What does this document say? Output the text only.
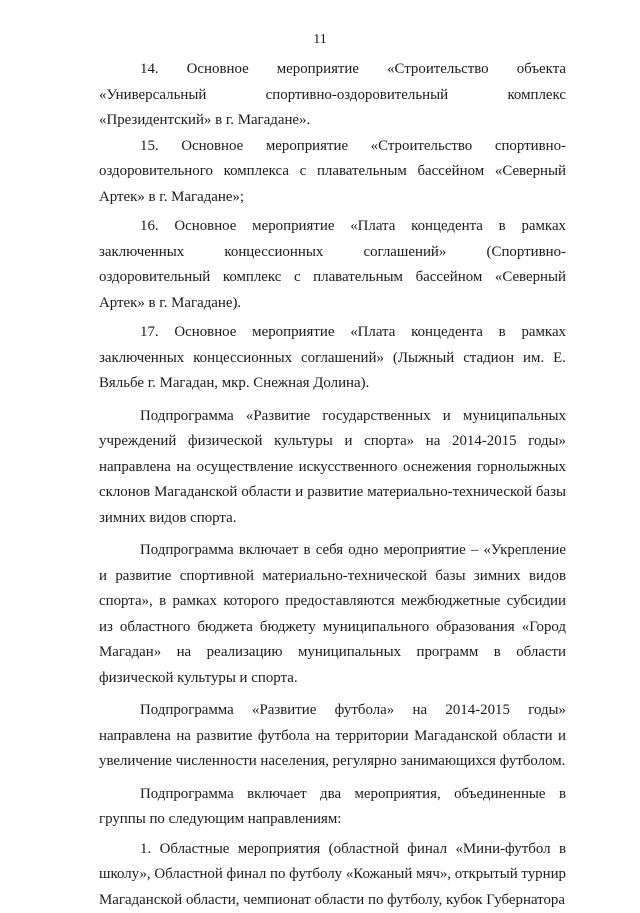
11

14. Основное мероприятие «Строительство объекта «Универсальный спортивно-оздоровительный комплекс «Президентский» в г. Магадане».

15. Основное мероприятие «Строительство спортивно-оздоровительного комплекса с плавательным бассейном «Северный Артек» в г. Магадане»;

16. Основное мероприятие «Плата концедента в рамках заключенных концессионных соглашений» (Спортивно-оздоровительный комплекс с плавательным бассейном «Северный Артек» в г. Магадане).

17. Основное мероприятие «Плата концедента в рамках заключенных концессионных соглашений» (Лыжный стадион им. Е. Вяльбе г. Магадан, мкр. Снежная Долина).

Подпрограмма «Развитие государственных и муниципальных учреждений физической культуры и спорта» на 2014-2015 годы» направлена на осуществление искусственного оснежения горнолыжных склонов Магаданской области и развитие материально-технической базы зимних видов спорта.

Подпрограмма включает в себя одно мероприятие – «Укрепление и развитие спортивной материально-технической базы зимних видов спорта», в рамках которого предоставляются межбюджетные субсидии из областного бюджета бюджету муниципального образования «Город Магадан» на реализацию муниципальных программ в области физической культуры и спорта.

Подпрограмма «Развитие футбола» на 2014-2015 годы» направлена на развитие футбола на территории Магаданской области и увеличение численности населения, регулярно занимающихся футболом.

Подпрограмма включает два мероприятия, объединенные в группы по следующим направлениям:

1. Областные мероприятия (областной финал «Мини-футбол в школу», Областной финал по футболу «Кожаный мяч», открытый турнир Магаданской области, чемпионат области по футболу, кубок Губернатора
